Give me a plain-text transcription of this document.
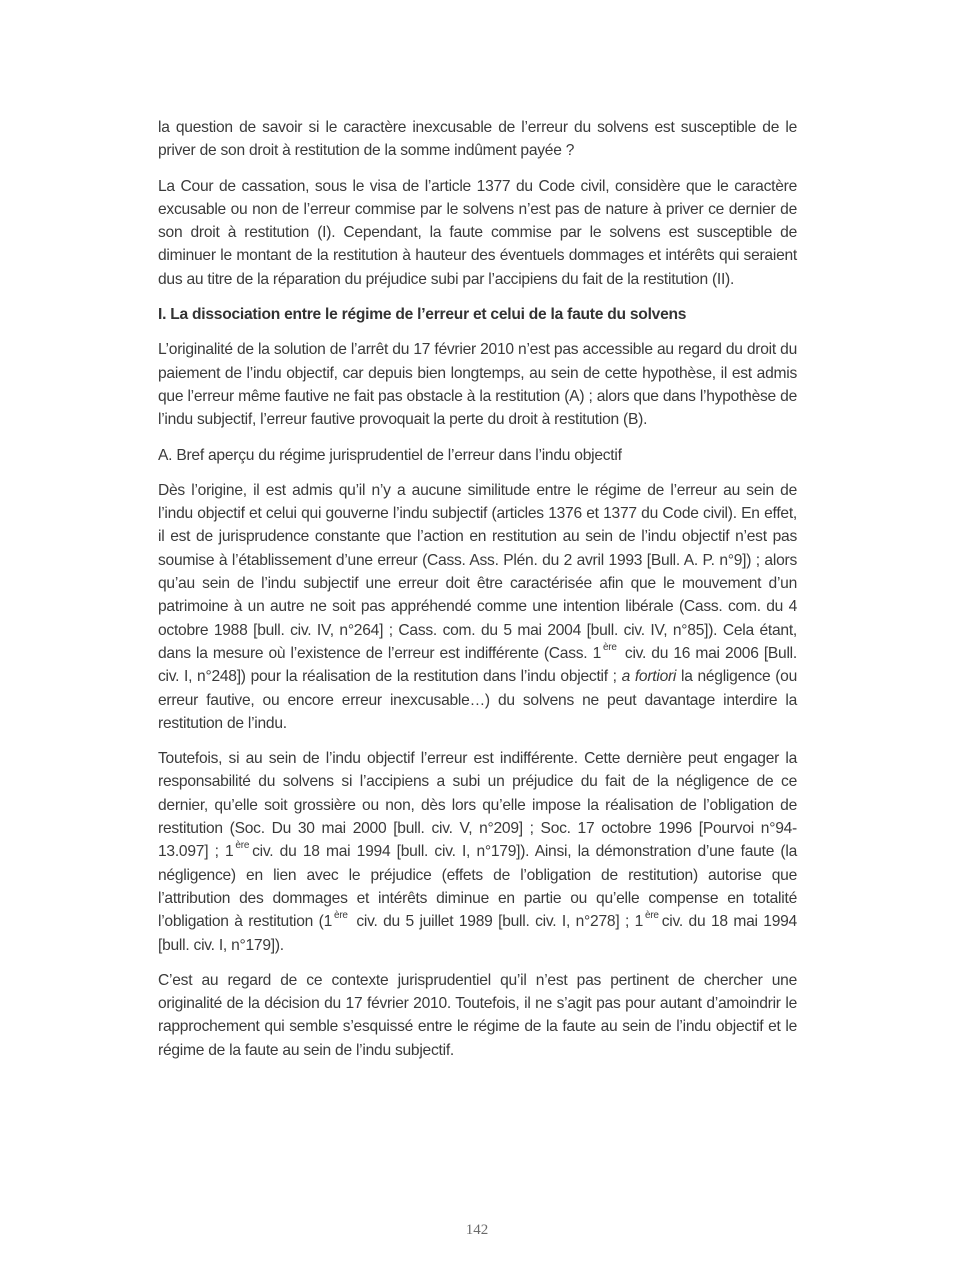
la question de savoir si le caractère inexcusable de l’erreur du solvens est susceptible de le priver de son droit à restitution de la somme indûment payée ?

La Cour de cassation, sous le visa de l’article 1377 du Code civil, considère que le caractère excusable ou non de l’erreur commise par le solvens n’est pas de nature à priver ce dernier de son droit à restitution (I). Cependant, la faute commise par le solvens est susceptible de diminuer le montant de la restitution à hauteur des éventuels dommages et intérêts qui seraient dus au titre de la réparation du préjudice subi par l’accipiens du fait de la restitution (II).

I. La dissociation entre le régime de l’erreur et celui de la faute du solvens

L’originalité de la solution de l’arrêt du 17 février 2010 n’est pas accessible au regard du droit du paiement de l’indu objectif, car depuis bien longtemps, au sein de cette hypothèse, il est admis que l’erreur même fautive ne fait pas obstacle à la restitution (A) ; alors que dans l’hypothèse de l’indu subjectif, l’erreur fautive provoquait la perte du droit à restitution (B).

A. Bref aperçu du régime jurisprudentiel de l’erreur dans l’indu objectif

Dès l’origine, il est admis qu’il n’y a aucune similitude entre le régime de l’erreur au sein de l’indu objectif et celui qui gouverne l’indu subjectif (articles 1376 et 1377 du Code civil). En effet, il est de jurisprudence constante que l’action en restitution au sein de l’indu objectif n’est pas soumise à l’établissement d’une erreur (Cass. Ass. Plén. du 2 avril 1993 [Bull. A. P. n°9]) ; alors qu’au sein de l’indu subjectif une erreur doit être caractérisée afin que le mouvement d’un patrimoine à un autre ne soit pas appréhendé comme une intention libérale (Cass. com. du 4 octobre 1988 [bull. civ. IV, n°264] ; Cass. com. du 5 mai 2004 [bull. civ. IV, n°85]). Cela étant, dans la mesure où l’existence de l’erreur est indifférente (Cass. 1 $^{ère}$ civ. du 16 mai 2006 [Bull. civ. I, n°248]) pour la réalisation de la restitution dans l’indu objectif ; a fortiori la négligence (ou erreur fautive, ou encore erreur inexcusable…) du solvens ne peut davantage interdire la restitution de l’indu.

Toutefois, si au sein de l’indu objectif l’erreur est indifférente. Cette dernière peut engager la responsabilité du solvens si l’accipiens a subi un préjudice du fait de la négligence de ce dernier, qu’elle soit grossière ou non, dès lors qu’elle impose la réalisation de l’obligation de restitution (Soc. Du 30 mai 2000 [bull. civ. V, n°209] ; Soc. 17 octobre 1996 [Pourvoi n°94-13.097] ; 1 $^{ère}$ civ. du 18 mai 1994 [bull. civ. I, n°179]). Ainsi, la démonstration d’une faute (la négligence) en lien avec le préjudice (effets de l’obligation de restitution) autorise que l’attribution des dommages et intérêts diminue en partie ou qu’elle compense en totalité l’obligation à restitution (1 $^{ère}$ civ. du 5 juillet 1989 [bull. civ. I, n°278] ; 1 $^{ère}$ civ. du 18 mai 1994 [bull. civ. I, n°179]).

C’est au regard de ce contexte jurisprudentiel qu’il n’est pas pertinent de chercher une originalité de la décision du 17 février 2010. Toutefois, il ne s’agit pas pour autant d’amoindrir le rapprochement qui semble s’esquissé entre le régime de la faute au sein de l’indu objectif et le régime de la faute au sein de l’indu subjectif.

142
